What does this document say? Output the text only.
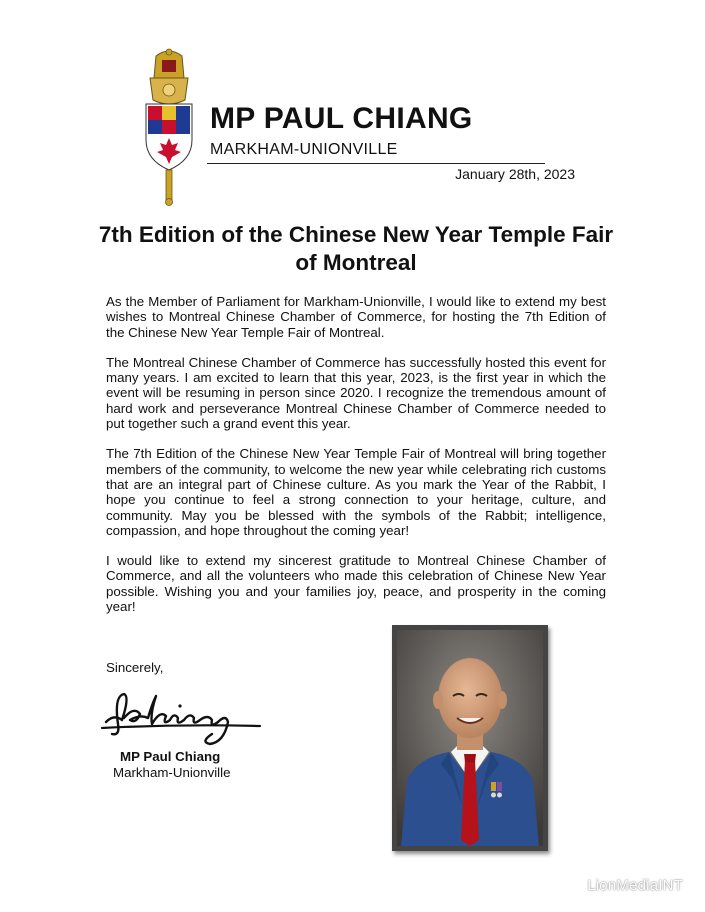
MP PAUL CHIANG
MARKHAM-UNIONVILLE
January 28th, 2023
7th Edition of the Chinese New Year Temple Fair of Montreal

As the Member of Parliament for Markham-Unionville, I would like to extend my best wishes to Montreal Chinese Chamber of Commerce, for hosting the 7th Edition of the Chinese New Year Temple Fair of Montreal.

The Montreal Chinese Chamber of Commerce has successfully hosted this event for many years. I am excited to learn that this year, 2023, is the first year in which the event will be resuming in person since 2020. I recognize the tremendous amount of hard work and perseverance Montreal Chinese Chamber of Commerce needed to put together such a grand event this year.

The 7th Edition of the Chinese New Year Temple Fair of Montreal will bring together members of the community, to welcome the new year while celebrating rich customs that are an integral part of Chinese culture. As you mark the Year of the Rabbit, I hope you continue to feel a strong connection to your heritage, culture, and community. May you be blessed with the symbols of the Rabbit; intelligence, compassion, and hope throughout the coming year!

I would like to extend my sincerest gratitude to Montreal Chinese Chamber of Commerce, and all the volunteers who made this celebration of Chinese New Year possible. Wishing you and your families joy, peace, and prosperity in the coming year!

Sincerely,
MP Paul Chiang
Markham-Unionville
LionMediaINT
